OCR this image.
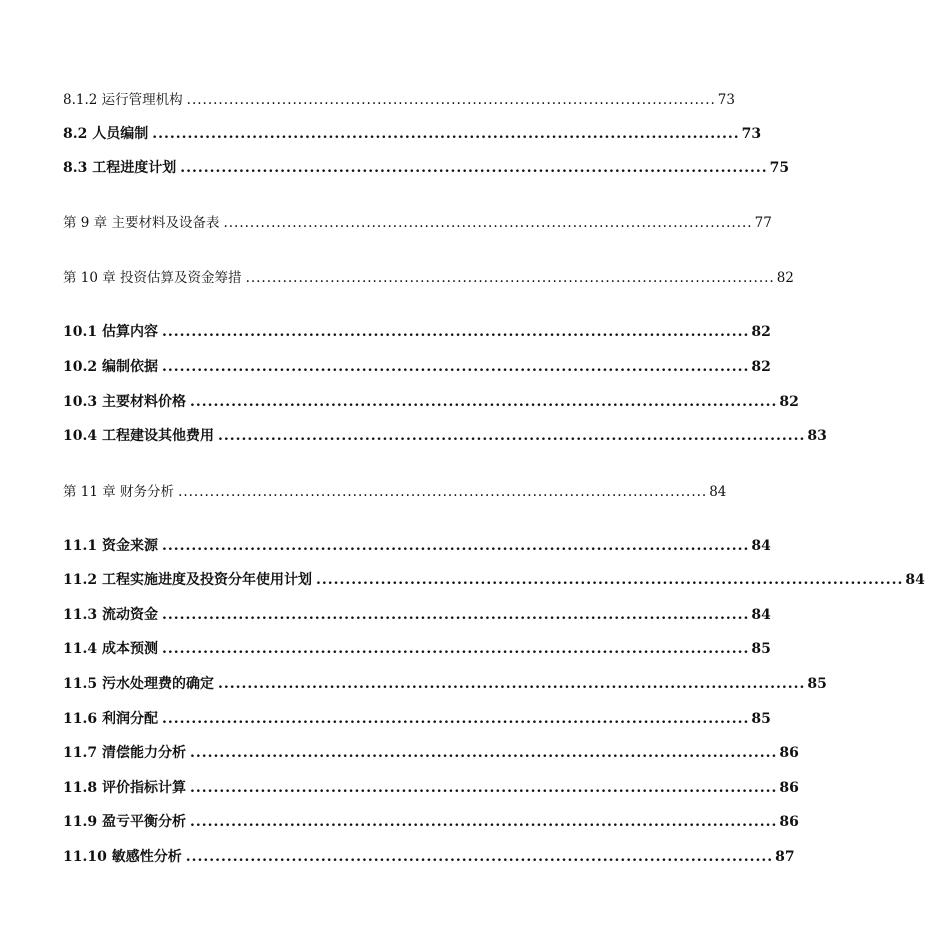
8.1.2 运行管理机构 .................................................................................................... 73
8.2 人员编制 .................................................................................................... 73
8.3 工程进度计划 .................................................................................................... 75
第 9 章 主要材料及设备表 .................................................................................................... 77
第 10 章 投资估算及资金筹措 .................................................................................................... 82
10.1 估算内容 .................................................................................................... 82
10.2 编制依据 .................................................................................................... 82
10.3 主要材料价格 .................................................................................................... 82
10.4 工程建设其他费用 .................................................................................................... 83
第 11 章 财务分析 .................................................................................................... 84
11.1 资金来源 .................................................................................................... 84
11.2 工程实施进度及投资分年使用计划 .................................................................................................... 84
11.3 流动资金 .................................................................................................... 84
11.4 成本预测 .................................................................................................... 85
11.5 污水处理费的确定 .................................................................................................... 85
11.6 利润分配 .................................................................................................... 85
11.7 清偿能力分析 .................................................................................................... 86
11.8 评价指标计算 .................................................................................................... 86
11.9 盈亏平衡分析 .................................................................................................... 86
11.10 敏感性分析 .................................................................................................... 87
